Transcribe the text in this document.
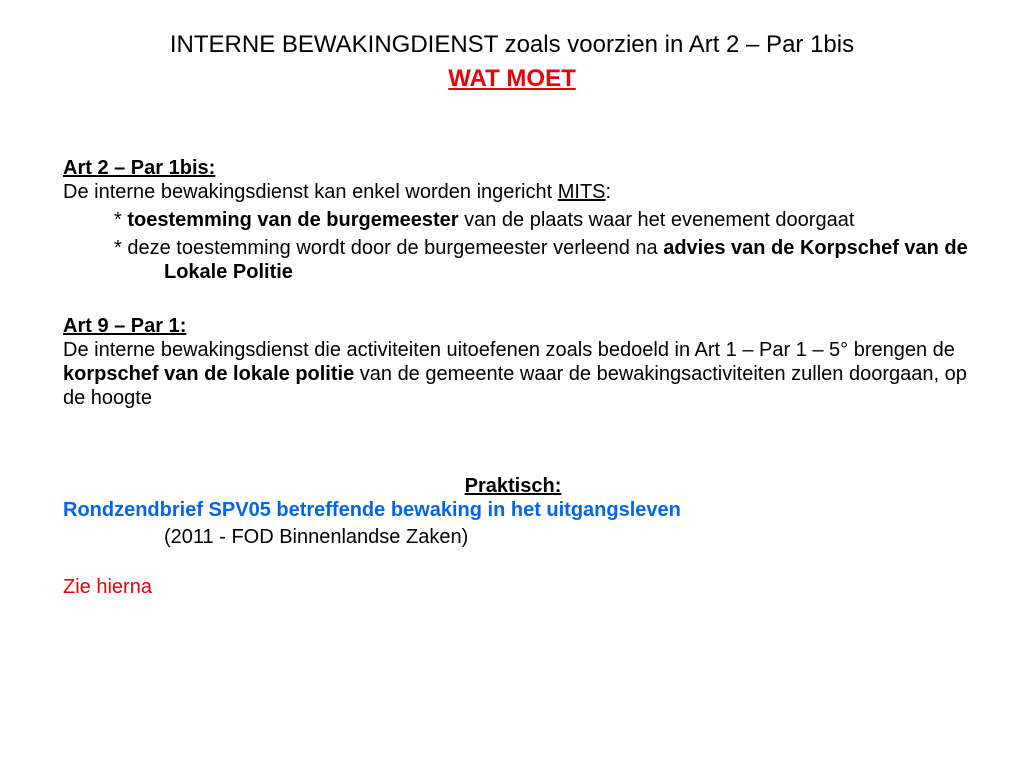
INTERNE BEWAKINGDIENST zoals voorzien in Art 2 – Par 1bis
WAT MOET
Art 2 – Par 1bis:
De interne bewakingsdienst kan enkel worden ingericht MITS:
* toestemming van de burgemeester van de plaats waar het evenement doorgaat
* deze toestemming wordt door de burgemeester verleend na advies van de Korpschef van de Lokale Politie
Art 9 – Par 1:
De interne bewakingsdienst die activiteiten uitoefenen zoals bedoeld in Art 1 – Par 1 – 5° brengen de korpschef van de lokale politie van de gemeente waar de bewakingsactiviteiten zullen doorgaan, op de hoogte
Praktisch:
Rondzendbrief SPV05 betreffende bewaking in het uitgangsleven
(2011 - FOD Binnenlandse Zaken)
Zie hierna
